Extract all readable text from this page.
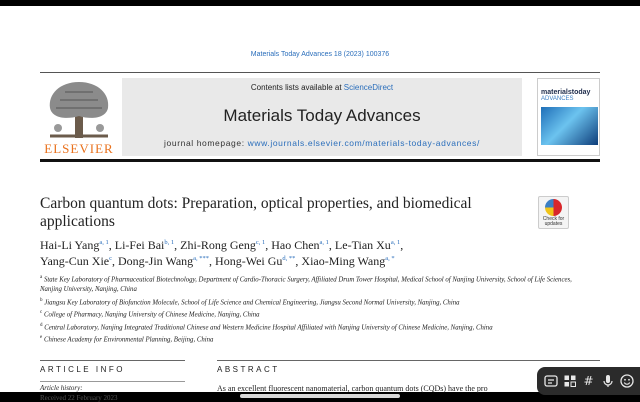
Materials Today Advances 18 (2023) 100376
ELSEVIER
Contents lists available at ScienceDirect
Materials Today Advances
journal homepage: www.journals.elsevier.com/materials-today-advances/
materialstoday
ADVANCES
Carbon quantum dots: Preparation, optical properties, and biomedical applications	Check for
updates
Hai-Li Yang$^{a, 1}$, Li-Fei Bai$^{b, 1}$, Zhi-Rong Geng$^{c, 1}$, Hao Chen$^{a, 1}$, Le-Tian Xu$^{a, 1}$,
Yang-Cun Xie$^c$, Dong-Jin Wang$^{a, ***}$, Hong-Wei $Gu^{d, **}$, Xiao-Ming Wang$^{a, *}$
$^a$ State Key Laboratory of Pharmaceutical Biotechnology, Department of Cardio-Thoracic Surgery, Affiliated Drum Tower Hospital, Medical School of Nanjing University, School of Life Sciences, Nanjing University, Nanjing, China
$^b$ Jiangsu Key Laboratory of Biofunction Molecule, School of Life Science and Chemical Engineering, Jiangsu Second Normal University, Nanjing, China
$^c$ College of Pharmacy, Nanjing University of Chinese Medicine, Nanjing, China
$^d$ Central Laboratory, Nanjing Integrated Traditional Chinese and Western Medicine Hospital Affiliated with Nanjing University of Chinese Medicine, Nanjing, China
$^e$ Chinese Academy for Environmental Planning, Beijing, China
ARTICLE INFO	ABSTRACT
Article history:
Received 22 February 2023
As an excellent fluorescent nanomaterial, carbon quantum dots (CQDs) have the pro
#
